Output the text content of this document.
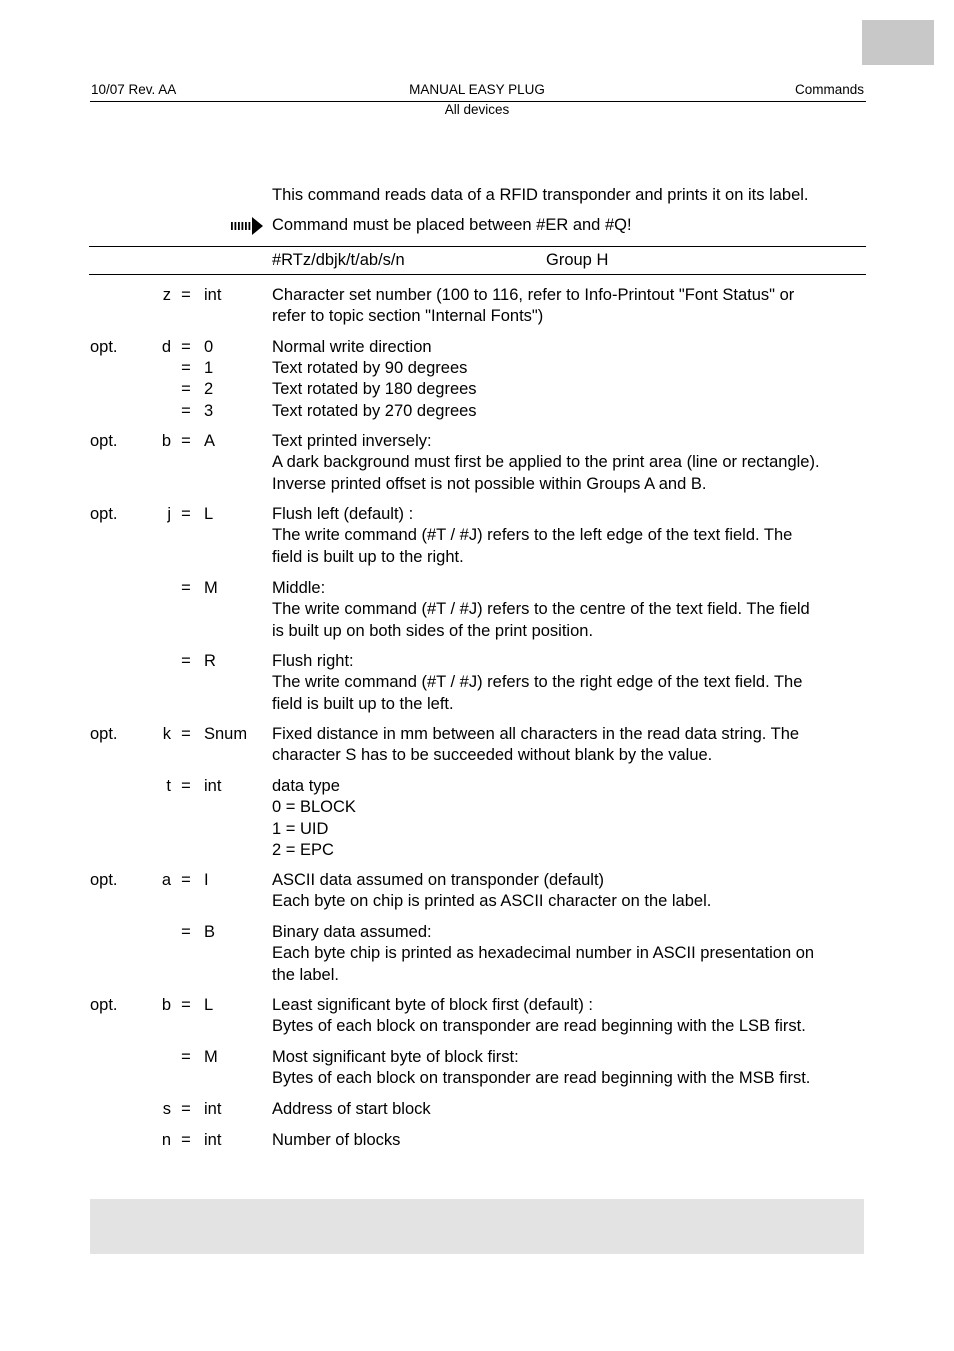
10/07 Rev. AA	MANUAL EASY PLUG	Commands
All devices
This command reads data of a RFID transponder and prints it on its label.
Command must be placed between #ER and #Q!
#RTz/dbjk/t/ab/s/n	Group H
z = int	Character set number (100 to 116, refer to Info-Printout "Font Status" or
refer to topic section "Internal Fonts")
opt.	d = 0	Normal write direction
= 1	Text rotated by 90 degrees
= 2	Text rotated by 180 degrees
= 3	Text rotated by 270 degrees
opt.	b = A	Text printed inversely:
A dark background must first be applied to the print area (line or rectangle).
Inverse printed offset is not possible within Groups A and B.
opt.	j = L	Flush left (default) :
The write command (#T / #J) refers to the left edge of the text field. The
field is built up to the right.
= M	Middle:
The write command (#T / #J) refers to the centre of the text field. The field
is built up on both sides of the print position.
= R	Flush right:
The write command (#T / #J) refers to the right edge of the text field. The
field is built up to the left.
opt.	k = Snum Fixed distance in mm between all characters in the read data string. The
character S has to be succeeded without blank by the value.
t = int	data type
0 = BLOCK
1 = UID
2 = EPC
opt.	a = I	ASCII data assumed on transponder (default)
Each byte on chip is printed as ASCII character on the label.
= B	Binary data assumed:
Each byte chip is printed as hexadecimal number in ASCII presentation on
the label.
opt.	b = L	Least significant byte of block first (default) :
Bytes of each block on transponder are read beginning with the LSB first.
= M	Most significant byte of block first:
Bytes of each block on transponder are read beginning with the MSB first.
s = int	Address of start block
n = int	Number of blocks
